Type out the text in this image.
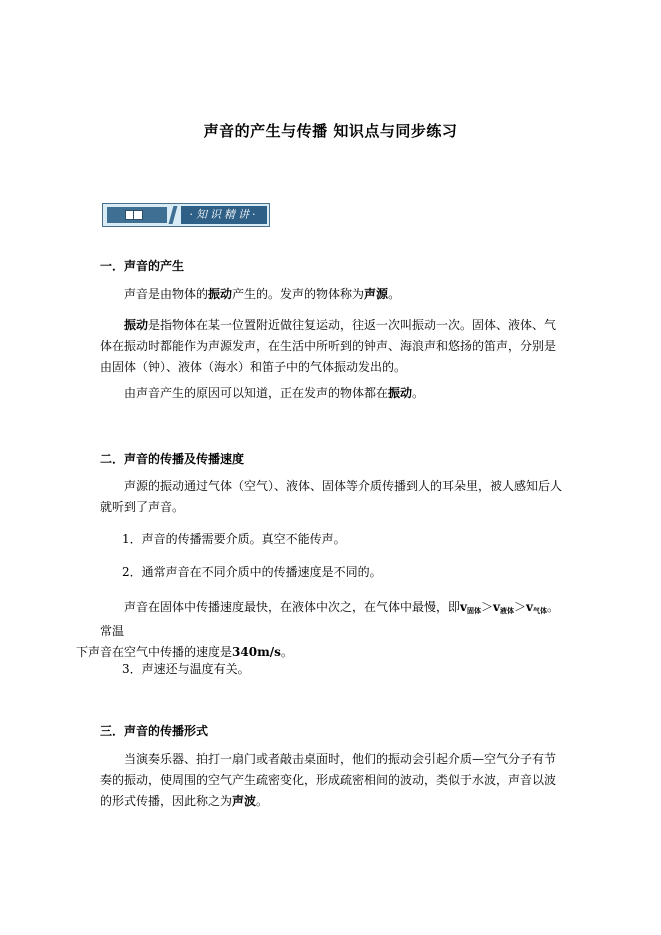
声音的产生与传播 知识点与同步练习
·知识精讲·
一．声音的产生
声音是由物体的振动产生的。发声的物体称为声源。
振动是指物体在某一位置附近做往复运动，往返一次叫振动一次。固体、液体、气体在振动时都能作为声源发声，在生活中所听到的钟声、海浪声和悠扬的笛声，分别是由固体（钟）、液体（海水）和笛子中的气体振动发出的。
由声音产生的原因可以知道，正在发声的物体都在振动。
二．声音的传播及传播速度
声源的振动通过气体（空气）、液体、固体等介质传播到人的耳朵里，被人感知后人就听到了声音。
1．声音的传播需要介质。真空不能传声。
2．通常声音在不同介质中的传播速度是不同的。
声音在固体中传播速度最快，在液体中次之，在气体中最慢，即$v_{固体}>v_{液体}>v_{气体}$。常温
下声音在空气中传播的速度是340m/s。
3．声速还与温度有关。
三．声音的传播形式
当演奏乐器、拍打一扇门或者敲击桌面时，他们的振动会引起介质—空气分子有节奏的振动，使周围的空气产生疏密变化，形成疏密相间的波动，类似于水波，声音以波的形式传播，因此称之为声波。
